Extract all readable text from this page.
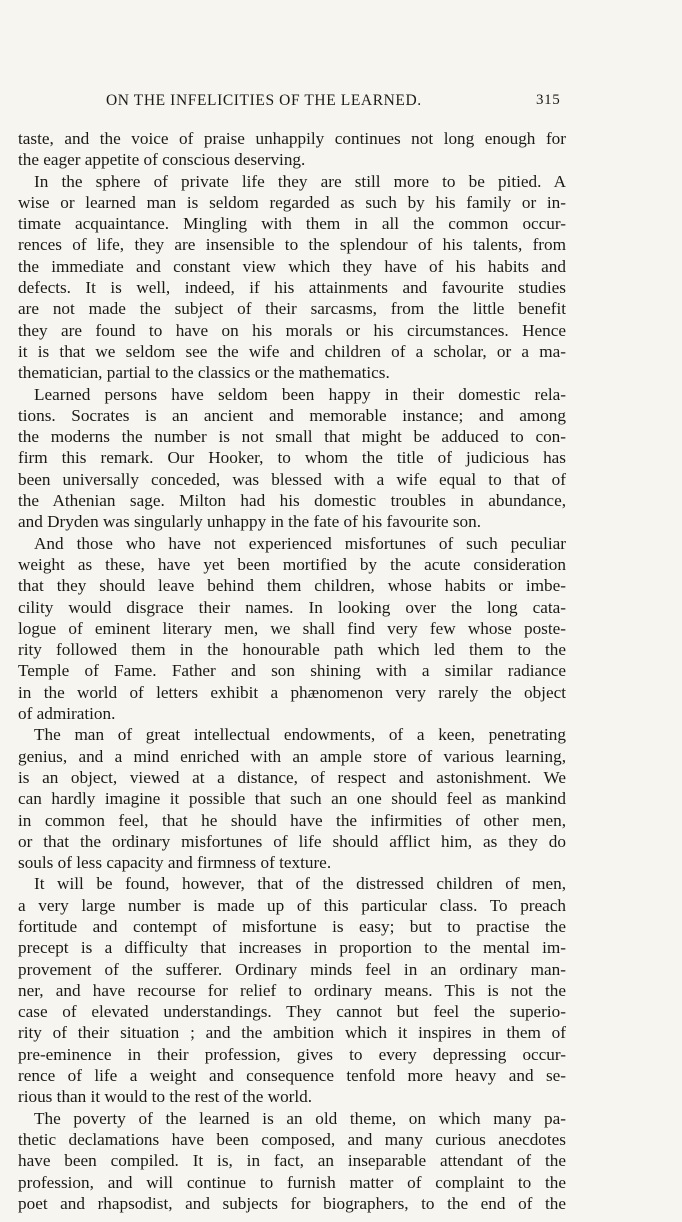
ON THE INFELICITIES OF THE LEARNED.	315
taste, and the voice of praise unhappily continues not long enough for
the eager appetite of conscious deserving.
In the sphere of private life they are still more to be pitied. A
wise or learned man is seldom regarded as such by his family or in-
timate acquaintance. Mingling with them in all the common occur-
rences of life, they are insensible to the splendour of his talents, from
the immediate and constant view which they have of his habits and
defects. It is well, indeed, if his attainments and favourite studies
are not made the subject of their sarcasms, from the little benefit
they are found to have on his morals or his circumstances. Hence
it is that we seldom see the wife and children of a scholar, or a ma-
thematician, partial to the classics or the mathematics.
Learned persons have seldom been happy in their domestic rela-
tions. Socrates is an ancient and memorable instance; and among
the moderns the number is not small that might be adduced to con-
firm this remark. Our Hooker, to whom the title of judicious has
been universally conceded, was blessed with a wife equal to that of
the Athenian sage. Milton had his domestic troubles in abundance,
and Dryden was singularly unhappy in the fate of his favourite son.
And those who have not experienced misfortunes of such peculiar
weight as these, have yet been mortified by the acute consideration
that they should leave behind them children, whose habits or imbe-
cility would disgrace their names. In looking over the long cata-
logue of eminent literary men, we shall find very few whose poste-
rity followed them in the honourable path which led them to the
Temple of Fame. Father and son shining with a similar radiance
in the world of letters exhibit a phænomenon very rarely the object
of admiration.
The man of great intellectual endowments, of a keen, penetrating
genius, and a mind enriched with an ample store of various learning,
is an object, viewed at a distance, of respect and astonishment. We
can hardly imagine it possible that such an one should feel as mankind
in common feel, that he should have the infirmities of other men,
or that the ordinary misfortunes of life should afflict him, as they do
souls of less capacity and firmness of texture.
It will be found, however, that of the distressed children of men,
a very large number is made up of this particular class. To preach
fortitude and contempt of misfortune is easy; but to practise the
precept is a difficulty that increases in proportion to the mental im-
provement of the sufferer. Ordinary minds feel in an ordinary man-
ner, and have recourse for relief to ordinary means. This is not the
case of elevated understandings. They cannot but feel the superio-
rity of their situation ; and the ambition which it inspires in them of
pre-eminence in their profession, gives to every depressing occur-
rence of life a weight and consequence tenfold more heavy and se-
rious than it would to the rest of the world.
The poverty of the learned is an old theme, on which many pa-
thetic declamations have been composed, and many curious anecdotes
have been compiled. It is, in fact, an inseparable attendant of the
profession, and will continue to furnish matter of complaint to the
poet and rhapsodist, and subjects for biographers, to the end of the
